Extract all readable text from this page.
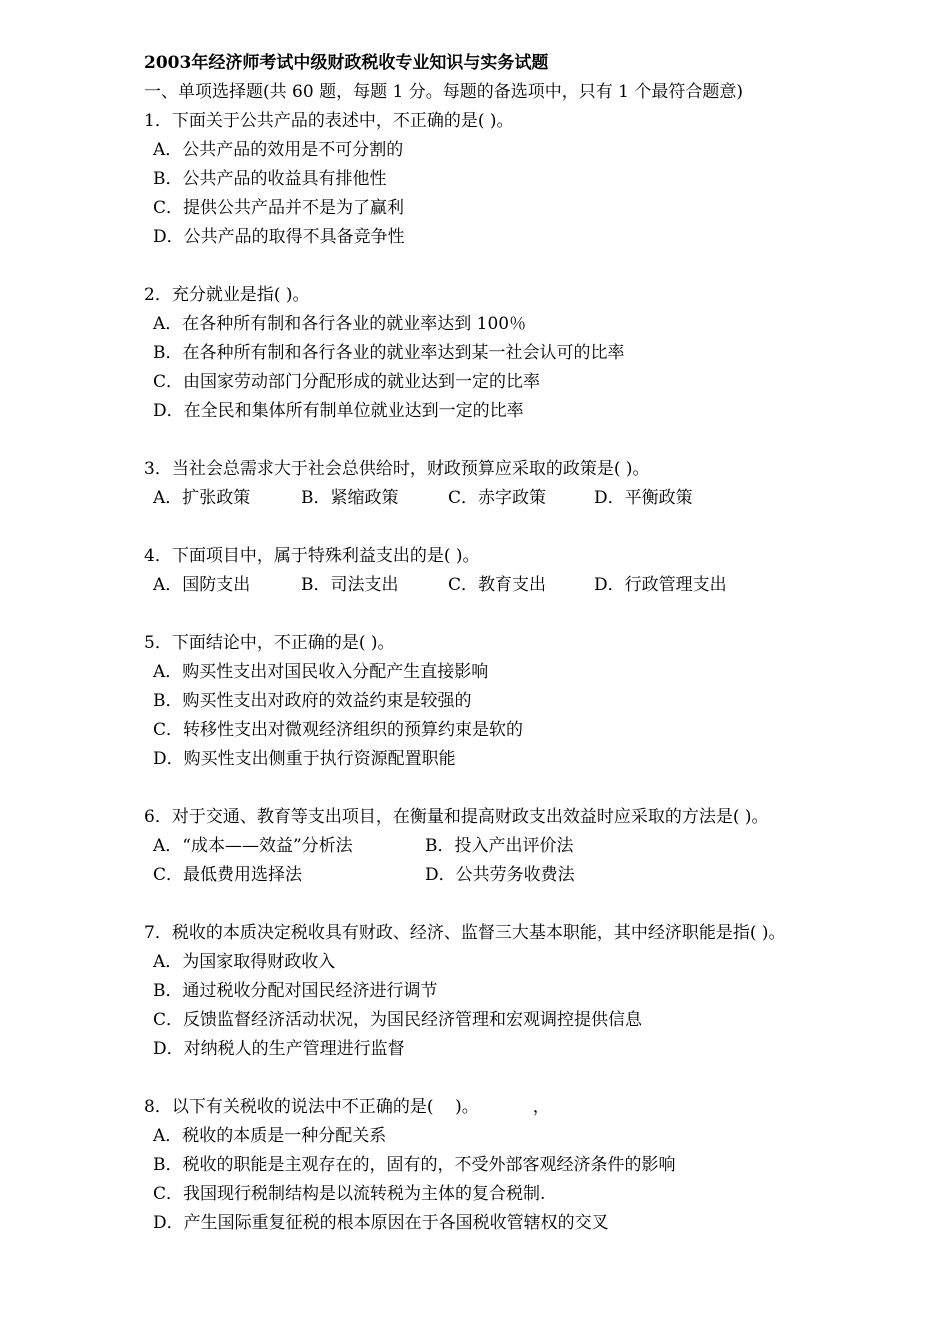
2003年经济师考试中级财政税收专业知识与实务试题
一、单项选择题(共 60 题，每题 1 分。每题的备选项中，只有 1 个最符合题意)
1．下面关于公共产品的表述中，不正确的是( )。
A．公共产品的效用是不可分割的
B．公共产品的收益具有排他性
C．提供公共产品并不是为了赢利
D．公共产品的取得不具备竞争性
2．充分就业是指( )。
A．在各种所有制和各行各业的就业率达到 100％
B．在各种所有制和各行各业的就业率达到某一社会认可的比率
C．由国家劳动部门分配形成的就业达到一定的比率
D．在全民和集体所有制单位就业达到一定的比率
3．当社会总需求大于社会总供给时，财政预算应采取的政策是( )。
A．扩张政策	B．紧缩政策	C．赤字政策	D．平衡政策
4．下面项目中，属于特殊利益支出的是( )。
A．国防支出	B．司法支出	C．教育支出	D．行政管理支出
5．下面结论中，不正确的是( )。
A．购买性支出对国民收入分配产生直接影响
B．购买性支出对政府的效益约束是较强的
C．转移性支出对微观经济组织的预算约束是软的
D．购买性支出侧重于执行资源配置职能
6．对于交通、教育等支出项目，在衡量和提高财政支出效益时应采取的方法是( )。
A．“成本——效益”分析法	B．投入产出评价法
C．最低费用选择法	D．公共劳务收费法
7．税收的本质决定税收具有财政、经济、监督三大基本职能，其中经济职能是指( )。
A．为国家取得财政收入
B．通过税收分配对国民经济进行调节
C．反馈监督经济活动状况，为国民经济管理和宏观调控提供信息
D．对纳税人的生产管理进行监督
8．以下有关税收的说法中不正确的是(    )。          ，
A．税收的本质是一种分配关系
B．税收的职能是主观存在的，固有的，不受外部客观经济条件的影响
C．我国现行税制结构是以流转税为主体的复合税制.
D．产生国际重复征税的根本原因在于各国税收管辖权的交叉
